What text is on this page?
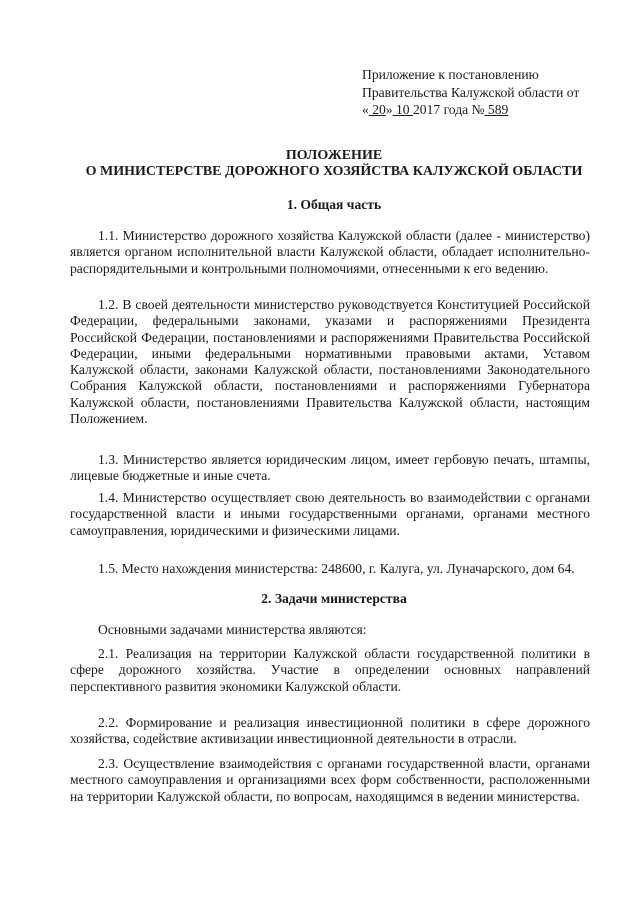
Приложение к постановлению
Правительства Калужской области от
« 20» 10 2017 года № 589
ПОЛОЖЕНИЕ
О МИНИСТЕРСТВЕ ДОРОЖНОГО ХОЗЯЙСТВА КАЛУЖСКОЙ ОБЛАСТИ
1. Общая часть
1.1. Министерство дорожного хозяйства Калужской области (далее - министерство) является органом исполнительной власти Калужской области, обладает исполнительно-распорядительными и контрольными полномочиями, отнесенными к его ведению.
1.2. В своей деятельности министерство руководствуется Конституцией Российской Федерации, федеральными законами, указами и распоряжениями Президента Российской Федерации, постановлениями и распоряжениями Правительства Российской Федерации, иными федеральными нормативными правовыми актами, Уставом Калужской области, законами Калужской области, постановлениями Законодательного Собрания Калужской области, постановлениями и распоряжениями Губернатора Калужской области, постановлениями Правительства Калужской области, настоящим Положением.
1.3. Министерство является юридическим лицом, имеет гербовую печать, штампы, лицевые бюджетные и иные счета.
1.4. Министерство осуществляет свою деятельность во взаимодействии с органами государственной власти и иными государственными органами, органами местного самоуправления, юридическими и физическими лицами.
1.5. Место нахождения министерства: 248600, г. Калуга, ул. Луначарского, дом 64.
2. Задачи министерства
Основными задачами министерства являются:
2.1. Реализация на территории Калужской области государственной политики в сфере дорожного хозяйства. Участие в определении основных направлений перспективного развития экономики Калужской области.
2.2. Формирование и реализация инвестиционной политики в сфере дорожного хозяйства, содействие активизации инвестиционной деятельности в отрасли.
2.3. Осуществление взаимодействия с органами государственной власти, органами местного самоуправления и организациями всех форм собственности, расположенными на территории Калужской области, по вопросам, находящимся в ведении министерства.
